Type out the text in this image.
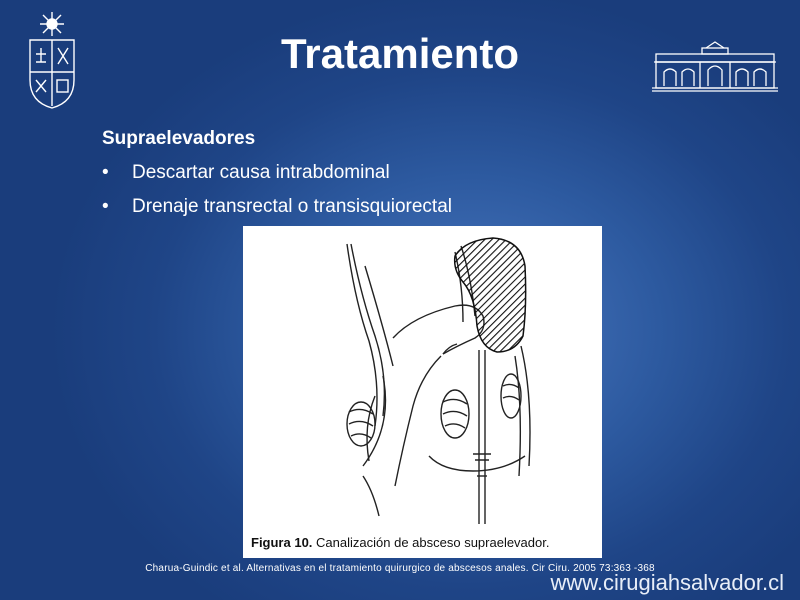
Tratamiento
Supraelevadores
• Descartar causa intrabdominal
• Drenaje transrectal o transisquiorectal
Figura 10. Canalización de absceso supraelevador.
Charua-Guindic et al. Alternativas en el tratamiento quirurgico de abscesos anales. Cir Ciru. 2005 73:363 -368
www.cirugiahsalvador.cl
